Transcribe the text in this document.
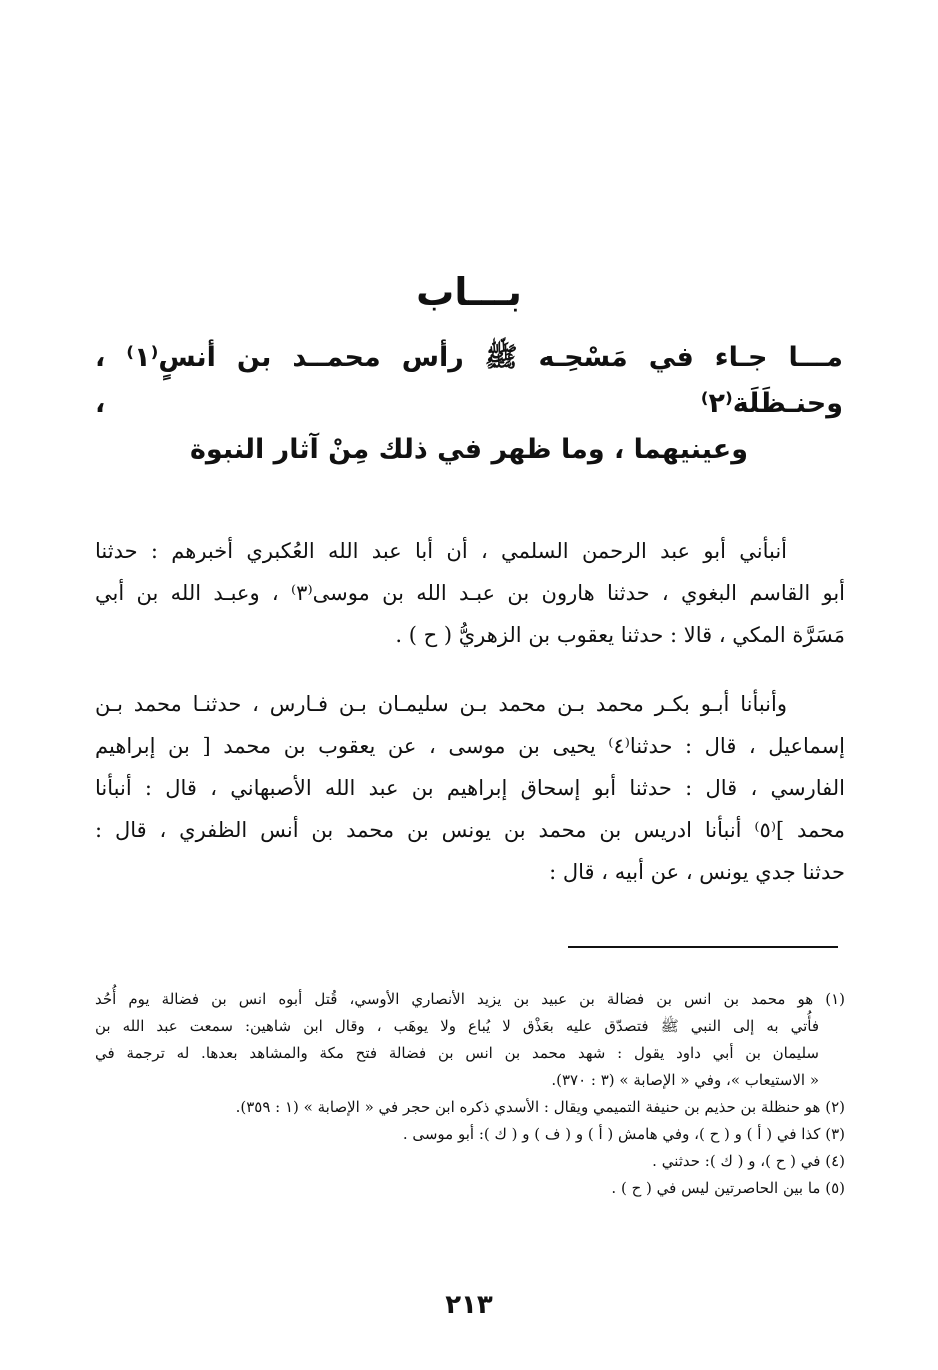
بـــاب
مـــا جـاء في مَسْحِـه ﷺ رأس محمــد بن أنسٍ⁽١⁾ ، وحنـظَلَة⁽٢⁾ ،
وعينيهما ، وما ظهر في ذلك مِنْ آثار النبوة
أنبأني أبو عبد الرحمن السلمي ، أن أبا عبد الله العُكبري أخبرهم : حدثنا
أبو القاسم البغوي ، حدثنا هارون بن عبـد الله بن موسى⁽٣⁾ ، وعبـد الله بن أبي
مَسَرَّة المكي ، قالا : حدثنا يعقوب بن الزهريُّ ( ح ) .
وأنبأنا أبـو بكـر محمد بـن محمد بـن سليمـان بـن فـارس ، حدثنـا محمد بـن
إسماعيل ، قال : حدثنا⁽٤⁾ يحيى بن موسى ، عن يعقوب بن محمد [ بن إبراهيم
الفارسي ، قال : حدثنا أبو إسحاق إبراهيم بن عبد الله الأصبهاني ، قال : أنبأنا
محمد ]⁽٥⁾ أنبأنا ادريس بن محمد بن يونس بن محمد بن أنس الظفري ، قال :
حدثنا جدي يونس ، عن أبيه ، قال :
(١) هو محمد بن انس بن فضالة بن عبيد بن يزيد الأنصاري الأوسي، قُتل أبوه انس بن فضالة يوم أُحُد
فأُتي به إلى النبي ﷺ فتصدّق عليه بعَذْق لا يُباع ولا يوهَب ، وقال ابن شاهين: سمعت عبد الله بن
سليمان بن أبي داود يقول : شهد محمد بن انس بن فضالة فتح مكة والمشاهد بعدها. له ترجمة في
« الاستيعاب »، وفي « الإصابة » (٣ : ٣٧٠).
(٢) هو حنظلة بن حذيم بن حنيفة التميمي ويقال : الأسدي ذكره ابن حجر في « الإصابة » (١ : ٣٥٩).
(٣) كذا في ( أ ) و ( ح )، وفي هامش ( أ ) و ( ف ) و ( ك ): أبو موسى .
(٤) في ( ح )، و ( ك ): حدثني .
(٥) ما بين الحاصرتين ليس في ( ح ) .
٢١٣
